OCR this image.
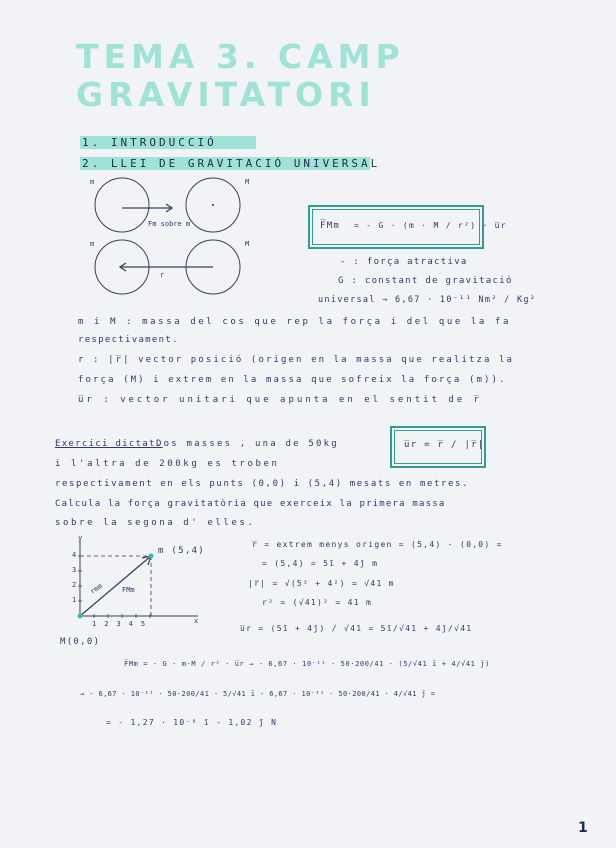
TEMA 3. CAMP
GRAVITATORI
1. INTRODUCCIÓ
2. LLEI DE GRAVITACIÓ UNIVERSAL
m	M
Fm sobre m
m	M
r
F̅Mm = - G · (m · M / r²) · u̅r
- : força atractiva
G : constant de gravitació
universal → 6,67 · 10⁻¹¹ Nm² / Kg²
m i M : massa del cos que rep la força i del que la fa
respectivament.
r : |r̅| vector posició (origen en la massa que realitza la
força (M) i extrem en la massa que sofreix la força (m)).
u̅r : vector unitari que apunta en el sentit de r̅
u̅r = r̅ / |r̅|
Exercici dictat.
Dos masses , una de 50kg
i l'altra de 200kg es troben
respectivament en els punts (0,0) i (5,4) mesats en metres.
Calcula la força gravitatòria que exerceix la primera massa
sobre la segona d' elles.
12345
1
2
3
4
x
y
m (5,4)
M(0,0)
rmm	FMm
r̅ = extrem menys origen = (5,4) - (0,0) =
= (5,4) = 5ī + 4j̄ m
|r̅| = √(5² + 4²) = √41 m
r² = (√41)² = 41 m
u̅r = (5ī + 4j̄) / √41 = 5ī/√41 + 4j̄/√41
F̅Mm = - G · m·M / r² · u̅r → - 6,67 · 10⁻¹¹ · 50·200/41 · (5/√41 ī + 4/√41 j̄)
→ - 6,67 · 10⁻¹¹ · 50·200/41 · 5/√41 ī - 6,67 · 10⁻¹¹ · 50·200/41 · 4/√41 j̄ =
= - 1,27 · 10⁻⁸ ī - 1,02 j̄ N
1
